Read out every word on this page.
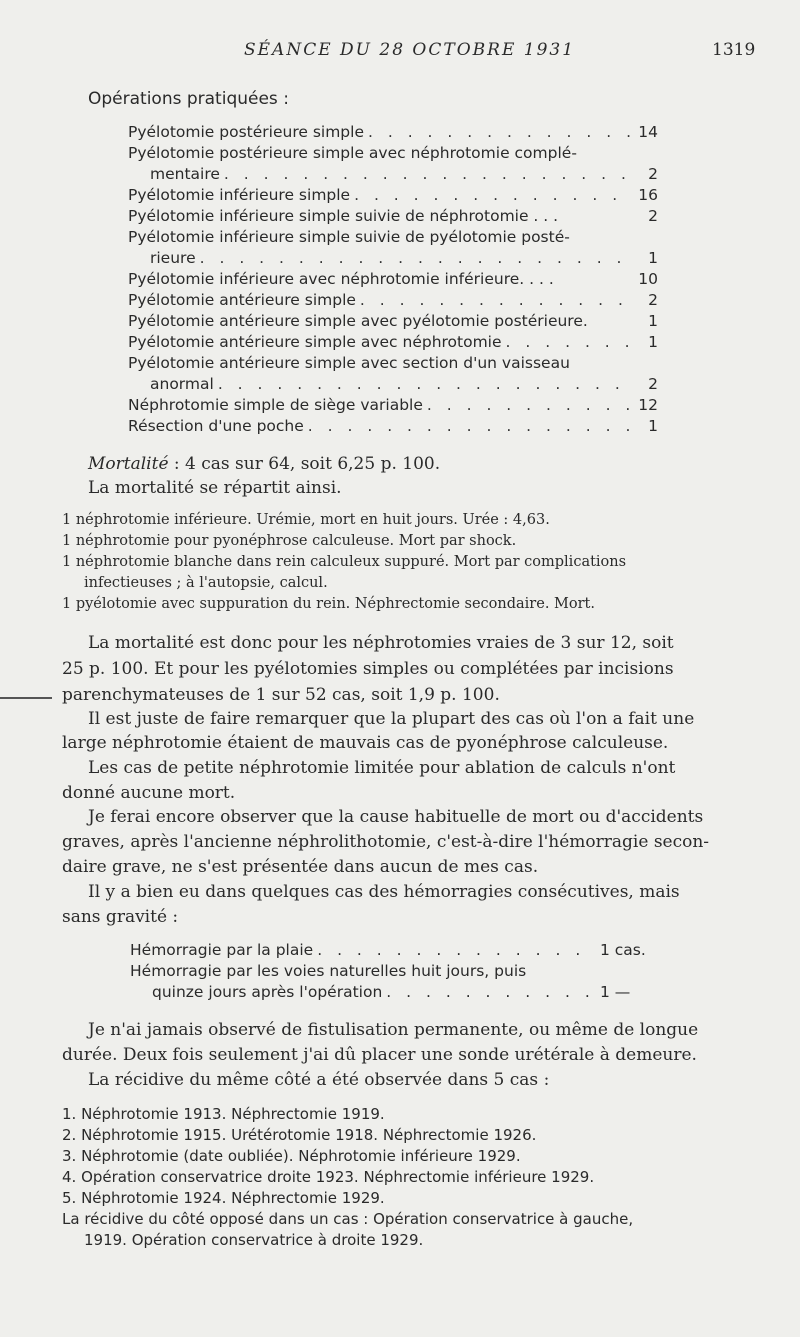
SÉANCE DU 28 OCTOBRE 1931	1319
Opérations pratiquées :
Pyélotomie postérieure simple . . .	14
Pyélotomie postérieure simple avec néphrotomie complé-
mentaire . . .	2
Pyélotomie inférieure simple . . .	16
Pyélotomie inférieure simple suivie de néphrotomie . . .	2
Pyélotomie inférieure simple suivie de pyélotomie posté-
rieure . . .	1
Pyélotomie inférieure avec néphrotomie inférieure. . . .	10
Pyélotomie antérieure simple . . .	2
Pyélotomie antérieure simple avec pyélotomie postérieure.	1
Pyélotomie antérieure simple avec néphrotomie . . .	1
Pyélotomie antérieure simple avec section d'un vaisseau
anormal . . .	2
Néphrotomie simple de siège variable . . .	12
Résection d'une poche . . .	1
Mortalité : 4 cas sur 64, soit 6,25 p. 100.
La mortalité se répartit ainsi.
1 néphrotomie inférieure. Urémie, mort en huit jours. Urée : 4,63.
1 néphrotomie pour pyonéphrose calculeuse. Mort par shock.
1 néphrotomie blanche dans rein calculeux suppuré. Mort par complications
infectieuses ; à l'autopsie, calcul.
1 pyélotomie avec suppuration du rein. Néphrectomie secondaire. Mort.
La mortalité est donc pour les néphrotomies vraies de 3 sur 12, soit
25 p. 100. Et pour les pyélotomies simples ou complétées par incisions
parenchymateuses de 1 sur 52 cas, soit 1,9 p. 100.
Il est juste de faire remarquer que la plupart des cas où l'on a fait une
large néphrotomie étaient de mauvais cas de pyonéphrose calculeuse.
Les cas de petite néphrotomie limitée pour ablation de calculs n'ont
donné aucune mort.
Je ferai encore observer que la cause habituelle de mort ou d'accidents
graves, après l'ancienne néphrolithotomie, c'est-à-dire l'hémorragie secon-
daire grave, ne s'est présentée dans aucun de mes cas.
Il y a bien eu dans quelques cas des hémorragies consécutives, mais
sans gravité :
Hémorragie par la plaie . . .	1 cas.
Hémorragie par les voies naturelles huit jours, puis
quinze jours après l'opération . . .	1 —
Je n'ai jamais observé de fistulisation permanente, ou même de longue
durée. Deux fois seulement j'ai dû placer une sonde urétérale à demeure.
La récidive du même côté a été observée dans 5 cas :
1. Néphrotomie 1913. Néphrectomie 1919.
2. Néphrotomie 1915. Urétérotomie 1918. Néphrectomie 1926.
3. Néphrotomie (date oubliée). Néphrotomie inférieure 1929.
4. Opération conservatrice droite 1923. Néphrectomie inférieure 1929.
5. Néphrotomie 1924. Néphrectomie 1929.
La récidive du côté opposé dans un cas : Opération conservatrice à gauche,
1919. Opération conservatrice à droite 1929.
